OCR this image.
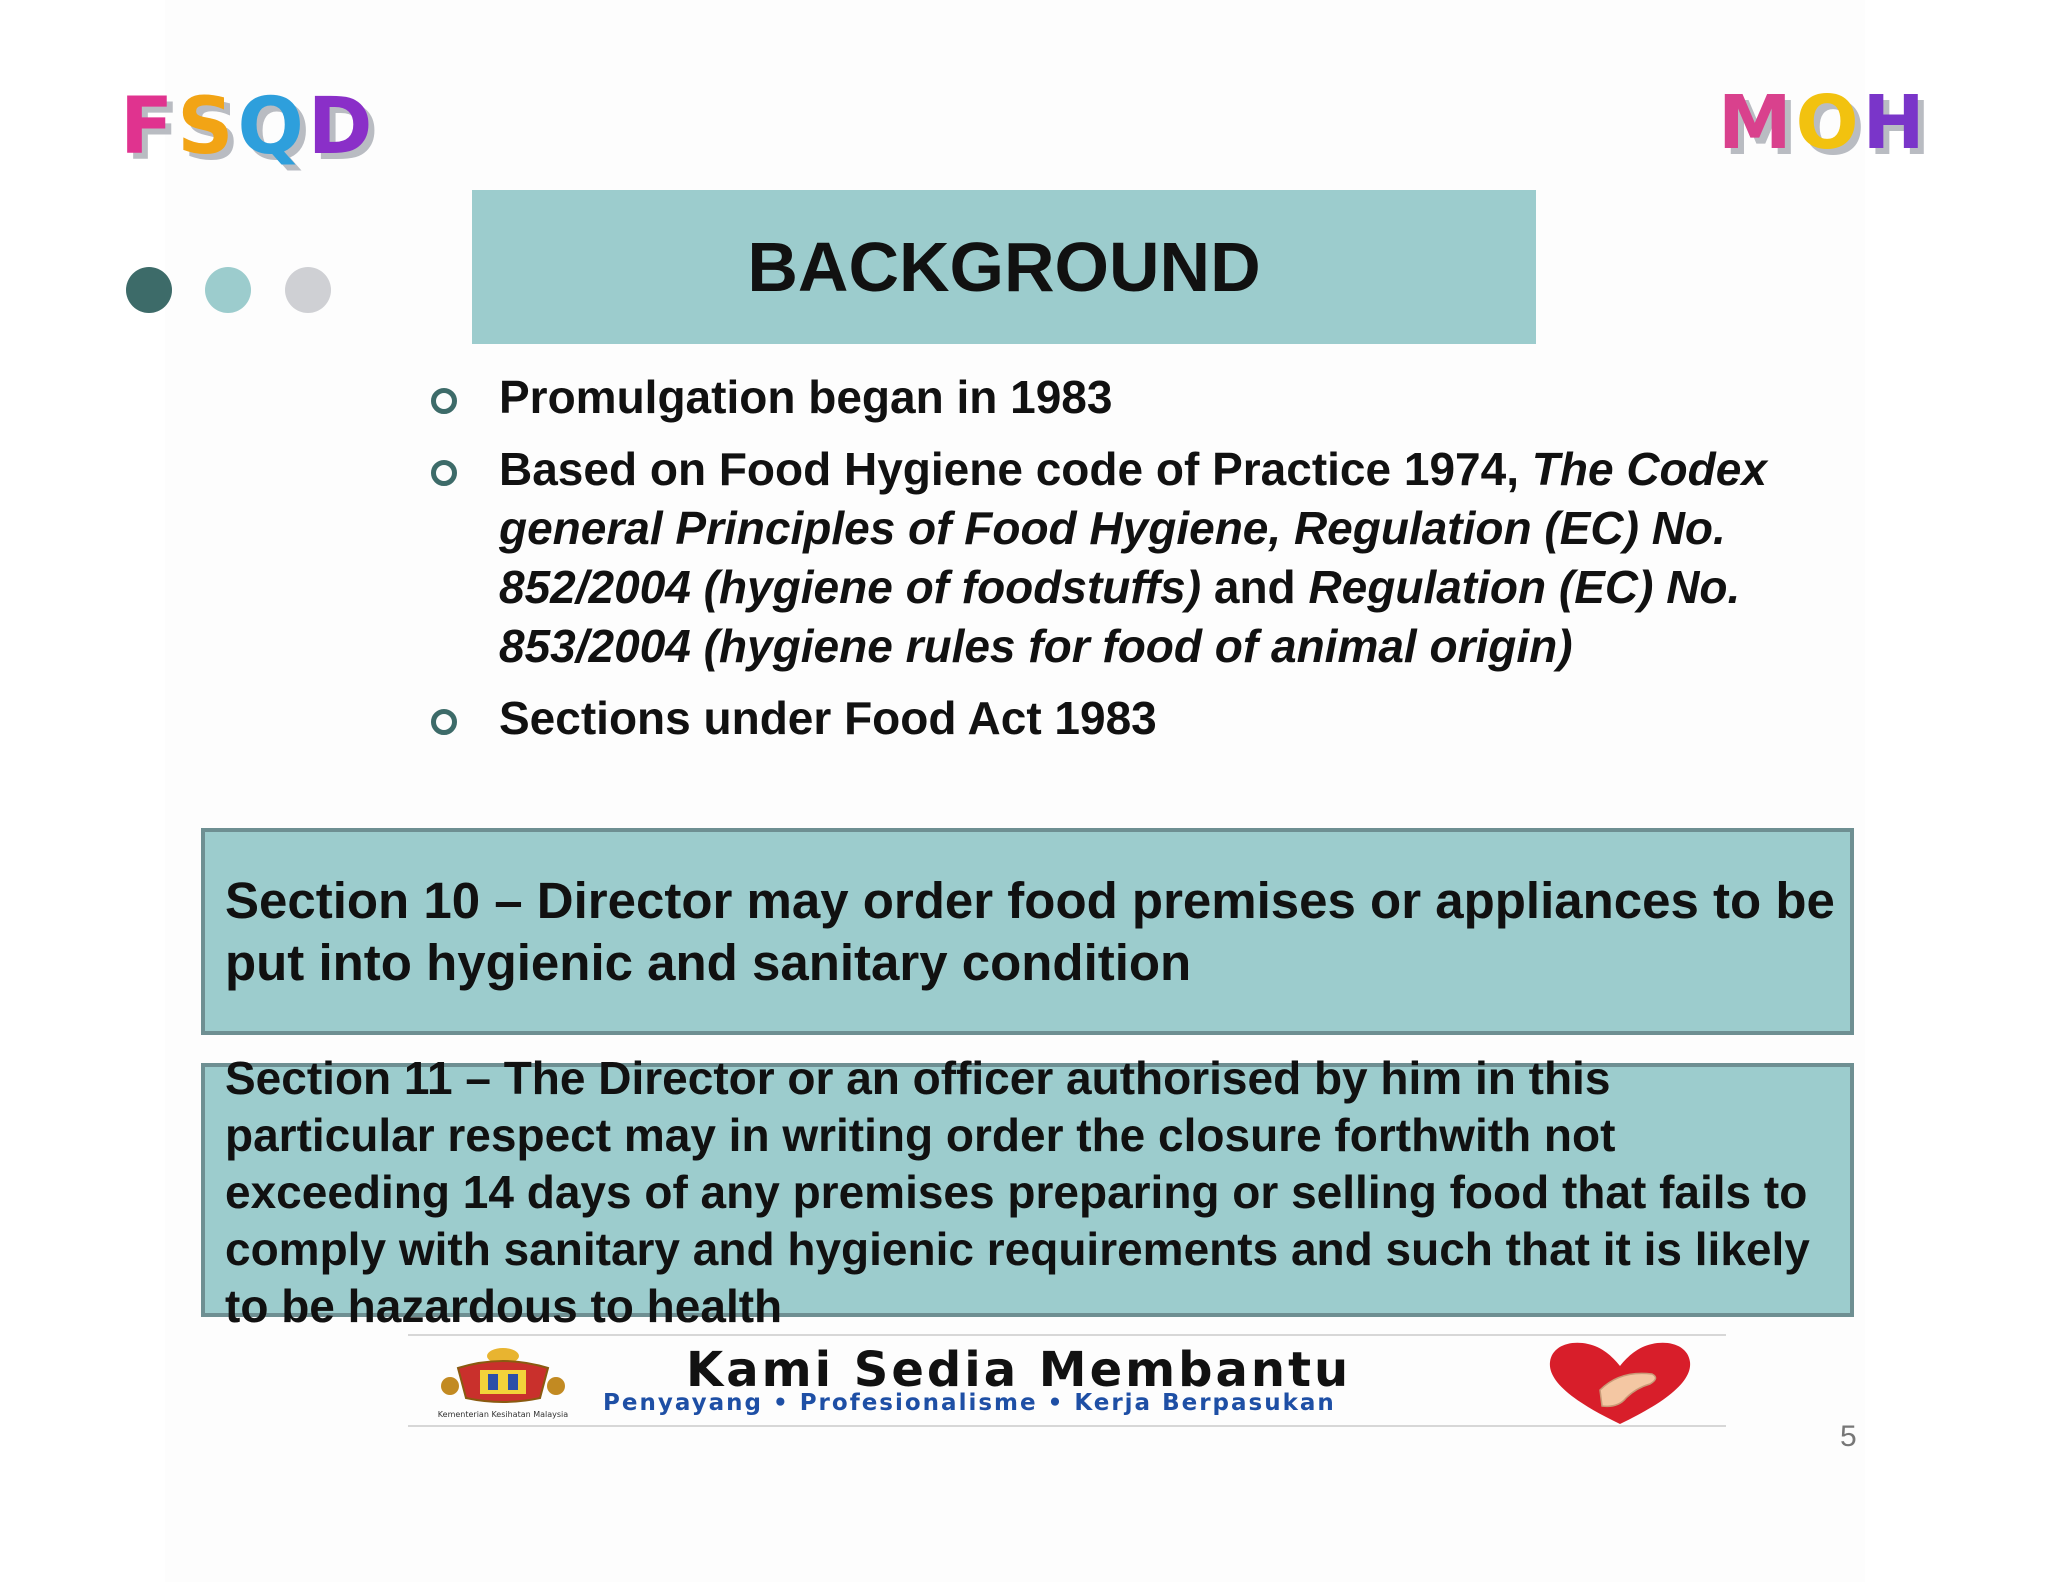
FSQD	MOH
BACKGROUND
Promulgation began in 1983
Based on Food Hygiene code of Practice 1974, The Codex general Principles of Food Hygiene, Regulation (EC) No. 852/2004 (hygiene of foodstuffs) and Regulation (EC) No. 853/2004 (hygiene rules for food of animal origin)
Sections under Food Act 1983
Section 10 – Director may order food premises or appliances to be put into hygienic and sanitary condition
Section 11 – The Director or an officer authorised by him in this particular respect may in writing order the closure forthwith not exceeding 14 days of any premises preparing or selling food that fails to comply with sanitary and hygienic requirements and such that it is likely to be hazardous to health
Kementerian Kesihatan Malaysia
Kami Sedia Membantu
Penyayang • Profesionalisme • Kerja Berpasukan
5
